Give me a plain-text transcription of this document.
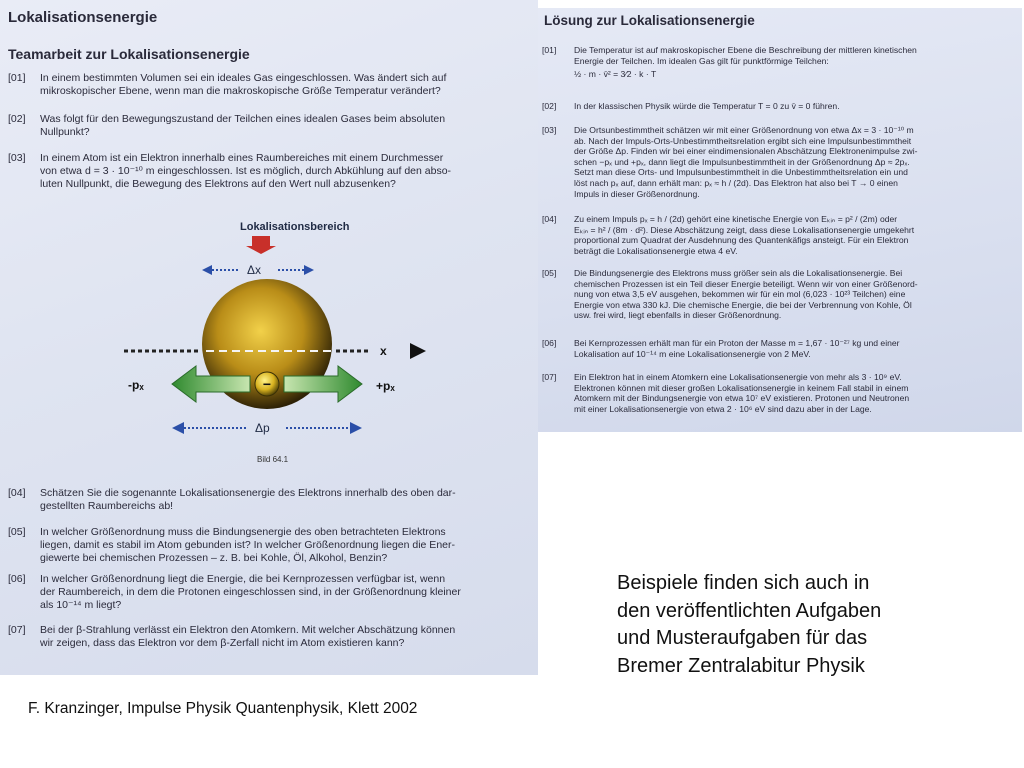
Lokalisationsenergie
Teamarbeit zur Lokalisationsenergie
[01] In einem bestimmten Volumen sei ein ideales Gas eingeschlossen. Was ändert sich auf
mikroskopischer Ebene, wenn man die makroskopische Größe Temperatur verändert?
[02] Was folgt für den Bewegungszustand der Teilchen eines idealen Gases beim absoluten
Nullpunkt?
[03] In einem Atom ist ein Elektron innerhalb eines Raumbereiches mit einem Durchmesser
von etwa d = 3 · 10⁻¹⁰ m eingeschlossen. Ist es möglich, durch Abkühlung auf den abso-
luten Nullpunkt, die Bewegung des Elektrons auf den Wert null abzusenken?
Lokalisationsbereich
Δx
x
-pₓ	+pₓ
−
Δp
Bild 64.1
[04] Schätzen Sie die sogenannte Lokalisationsenergie des Elektrons innerhalb des oben dar-
gestellten Raumbereichs ab!
[05] In welcher Größenordnung muss die Bindungsenergie des oben betrachteten Elektrons
liegen, damit es stabil im Atom gebunden ist? In welcher Größenordnung liegen die Ener-
giewerte bei chemischen Prozessen – z. B. bei Kohle, Öl, Alkohol, Benzin?
[06] In welcher Größenordnung liegt die Energie, die bei Kernprozessen verfügbar ist, wenn
der Raumbereich, in dem die Protonen eingeschlossen sind, in der Größenordnung kleiner
als 10⁻¹⁴ m liegt?
[07] Bei der β-Strahlung verlässt ein Elektron den Atomkern. Mit welcher Abschätzung können
wir zeigen, dass das Elektron vor dem β-Zerfall nicht im Atom existieren kann?
Lösung zur Lokalisationsenergie
[01] Die Temperatur ist auf makroskopischer Ebene die Beschreibung der mittleren kinetischen
Energie der Teilchen. Im idealen Gas gilt für punktförmige Teilchen:
½ · m · v̄² = 3⁄2 · k · T
[02] In der klassischen Physik würde die Temperatur T = 0 zu v̄ = 0 führen.
[03] Die Ortsunbestimmtheit schätzen wir mit einer Größenordnung von etwa Δx = 3 · 10⁻¹⁰ m
ab. Nach der Impuls-Orts-Unbestimmtheitsrelation ergibt sich eine Impulsunbestimmtheit
der Größe Δp. Finden wir bei einer eindimensionalen Abschätzung Elektronenimpulse zwi-
schen −pₓ und +pₓ, dann liegt die Impulsunbestimmtheit in der Größenordnung Δp ≈ 2pₓ.
Setzt man diese Orts- und Impulsunbestimmtheit in die Unbestimmtheitsrelation ein und
löst nach pₓ auf, dann erhält man: pₓ ≈ h / (2d). Das Elektron hat also bei T → 0 einen
Impuls in dieser Größenordnung.
[04] Zu einem Impuls pₓ = h / (2d) gehört eine kinetische Energie von Eₖᵢₙ = p² / (2m) oder
Eₖᵢₙ = h² / (8m · d²). Diese Abschätzung zeigt, dass diese Lokalisationsenergie umgekehrt
proportional zum Quadrat der Ausdehnung des Quantenkäfigs ansteigt. Für ein Elektron
beträgt die Lokalisationsenergie etwa 4 eV.
[05] Die Bindungsenergie des Elektrons muss größer sein als die Lokalisationsenergie. Bei
chemischen Prozessen ist ein Teil dieser Energie beteiligt. Wenn wir von einer Größenord-
nung von etwa 3,5 eV ausgehen, bekommen wir für ein mol (6,023 · 10²³ Teilchen) eine
Energie von etwa 330 kJ. Die chemische Energie, die bei der Verbrennung von Kohle, Öl
usw. frei wird, liegt ebenfalls in dieser Größenordnung.
[06] Bei Kernprozessen erhält man für ein Proton der Masse m = 1,67 · 10⁻²⁷ kg und einer
Lokalisation auf 10⁻¹⁴ m eine Lokalisationsenergie von 2 MeV.
[07] Ein Elektron hat in einem Atomkern eine Lokalisationsenergie von mehr als 3 · 10⁹ eV.
Elektronen können mit dieser großen Lokalisationsenergie in keinem Fall stabil in einem
Atomkern mit der Bindungsenergie von etwa 10⁷ eV existieren. Protonen und Neutronen
mit einer Lokalisationsenergie von etwa 2 · 10⁶ eV sind dazu aber in der Lage.
F. Kranzinger, Impulse Physik Quantenphysik, Klett 2002
Beispiele finden sich auch in
den veröffentlichten Aufgaben
und Musteraufgaben für das
Bremer Zentralabitur Physik
